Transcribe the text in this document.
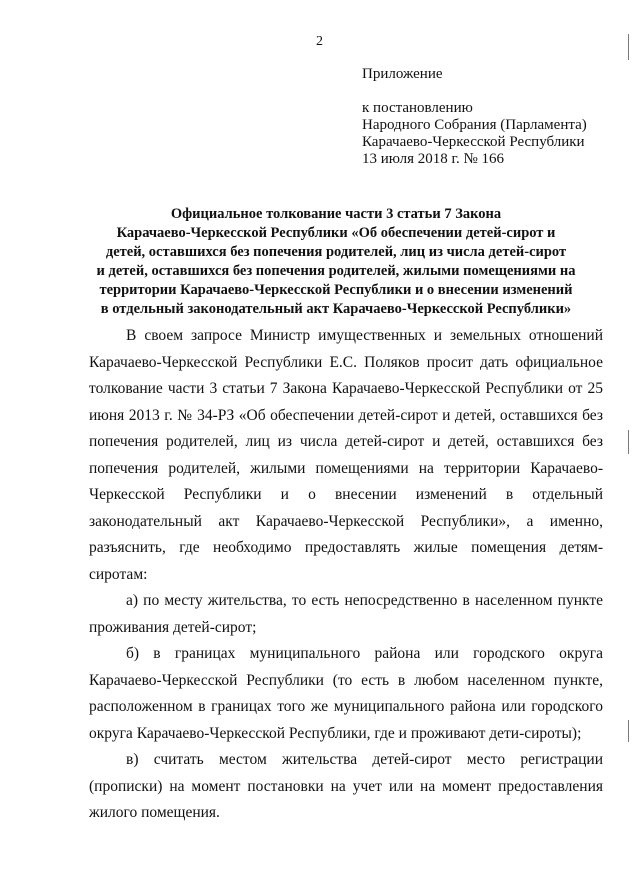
2
Приложение
к постановлению
Народного Собрания (Парламента)
Карачаево-Черкесской Республики
13 июля 2018 г. № 166
Официальное толкование части 3 статьи 7 Закона
Карачаево-Черкесской Республики «Об обеспечении детей-сирот и
детей, оставшихся без попечения родителей, лиц из числа детей-сирот
и детей, оставшихся без попечения родителей, жилыми помещениями на
территории Карачаево-Черкесской Республики и о внесении изменений
в отдельный законодательный акт Карачаево-Черкесской Республики»

В своем запросе Министр имущественных и земельных отношений Карачаево-Черкесской Республики Е.С. Поляков просит дать официальное толкование части 3 статьи 7 Закона Карачаево-Черкесской Республики от 25 июня 2013 г. № 34-РЗ «Об обеспечении детей-сирот и детей, оставшихся без попечения родителей, лиц из числа детей-сирот и детей, оставшихся без попечения родителей, жилыми помещениями на территории Карачаево-Черкесской Республики и о внесении изменений в отдельный законодательный акт Карачаево-Черкесской Республики», а именно, разъяснить, где необходимо предоставлять жилые помещения детям-сиротам:

а) по месту жительства, то есть непосредственно в населенном пункте проживания детей-сирот;

б) в границах муниципального района или городского округа Карачаево-Черкесской Республики (то есть в любом населенном пункте, расположенном в границах того же муниципального района или городского округа Карачаево-Черкесской Республики, где и проживают дети-сироты);

в) считать местом жительства детей-сирот место регистрации (прописки) на момент постановки на учет или на момент предоставления жилого помещения.
